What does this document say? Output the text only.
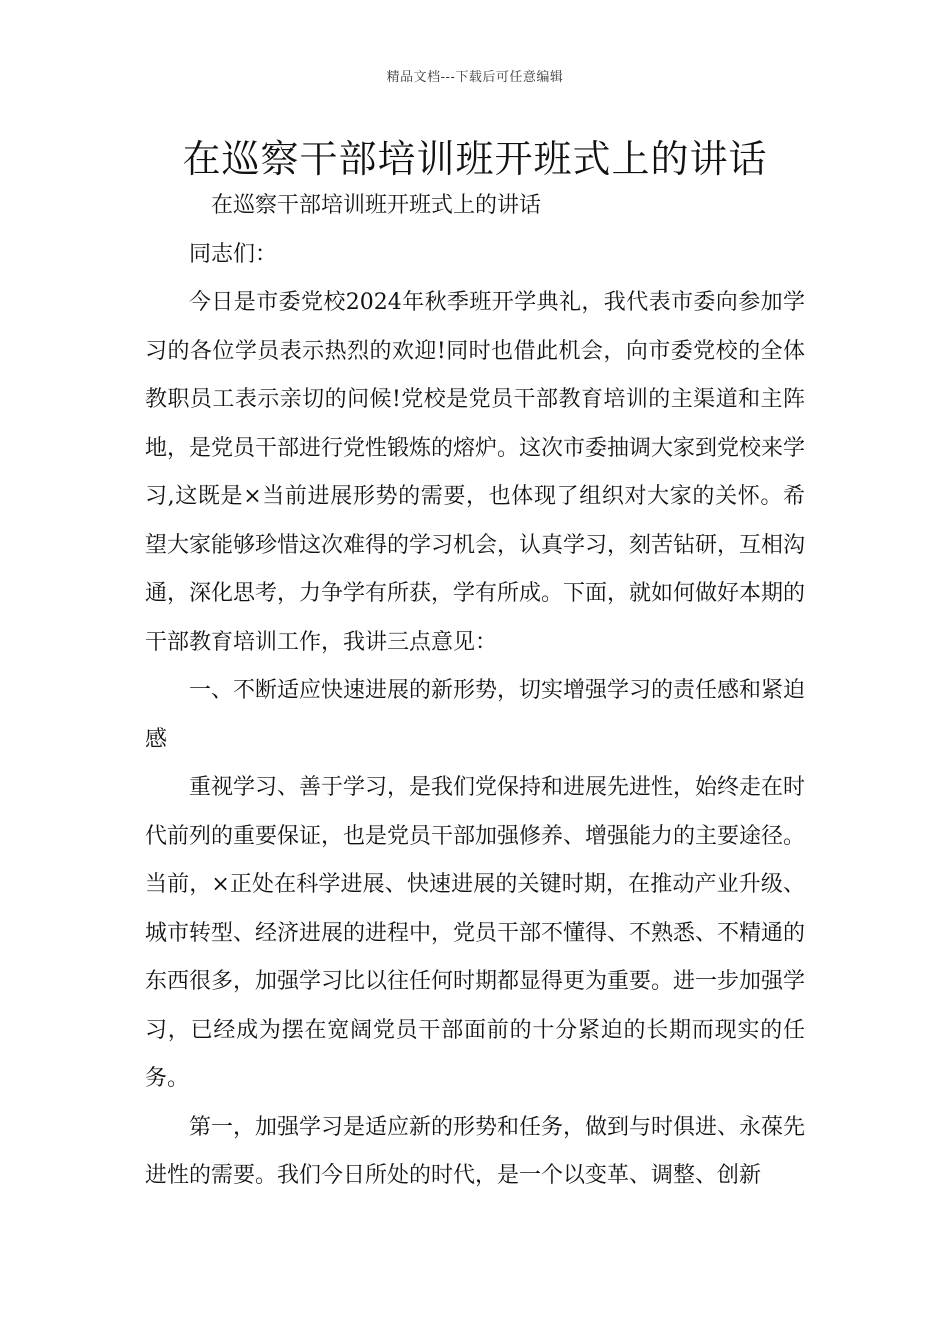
精品文档---下载后可任意编辑
在巡察干部培训班开班式上的讲话

在巡察干部培训班开班式上的讲话

同志们：

今日是市委党校2024年秋季班开学典礼，我代表市委向参加学习的各位学员表示热烈的欢迎!同时也借此机会，向市委党校的全体教职员工表示亲切的问候!党校是党员干部教育培训的主渠道和主阵地，是党员干部进行党性锻炼的熔炉。这次市委抽调大家到党校来学习,这既是×当前进展形势的需要，也体现了组织对大家的关怀。希望大家能够珍惜这次难得的学习机会，认真学习，刻苦钻研，互相沟通，深化思考，力争学有所获，学有所成。下面，就如何做好本期的干部教育培训工作，我讲三点意见：

一、不断适应快速进展的新形势，切实增强学习的责任感和紧迫感

重视学习、善于学习，是我们党保持和进展先进性，始终走在时代前列的重要保证，也是党员干部加强修养、增强能力的主要途径。当前，×正处在科学进展、快速进展的关键时期，在推动产业升级、城市转型、经济进展的进程中，党员干部不懂得、不熟悉、不精通的东西很多，加强学习比以往任何时期都显得更为重要。进一步加强学习，已经成为摆在宽阔党员干部面前的十分紧迫的长期而现实的任务。

第一，加强学习是适应新的形势和任务，做到与时俱进、永葆先进性的需要。我们今日所处的时代，是一个以变革、调整、创新
